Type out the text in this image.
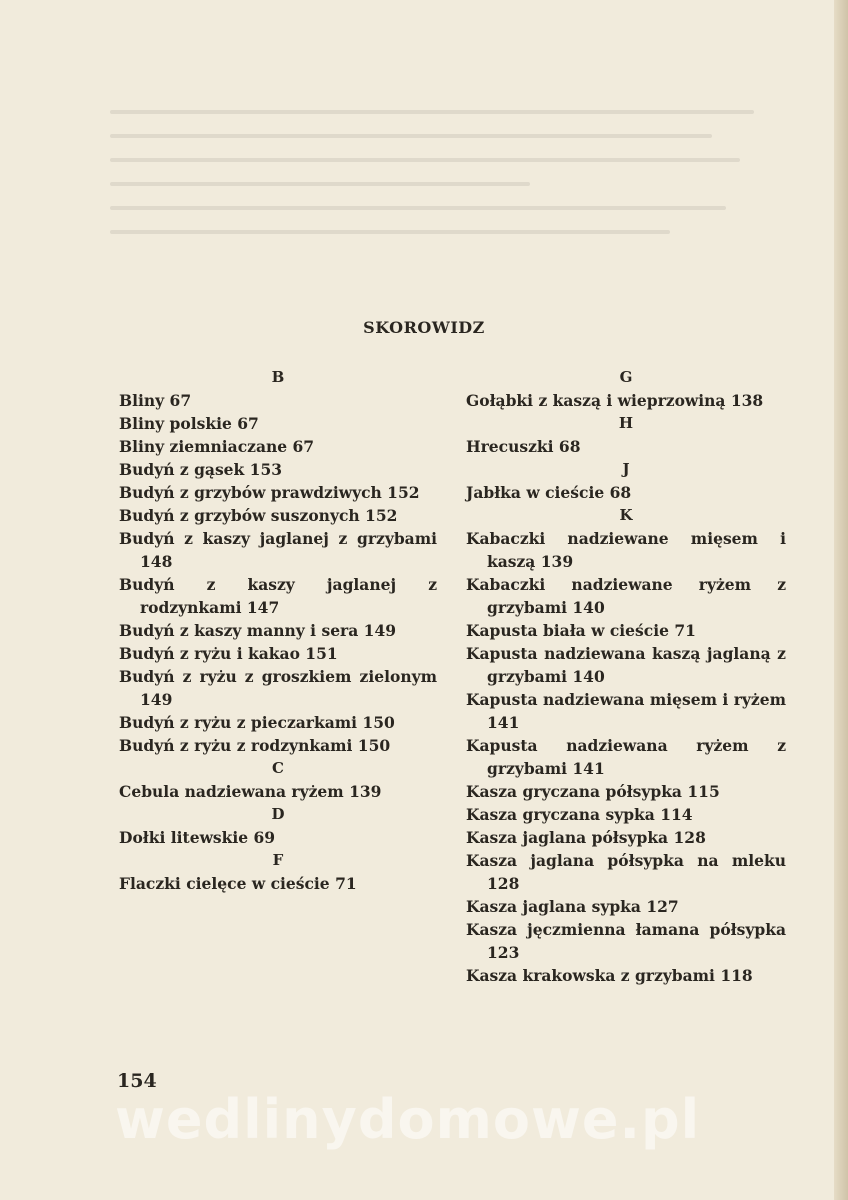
SKOROWIDZ
B
Bliny 67
Bliny polskie 67
Bliny ziemniaczane 67
Budyń z gąsek 153
Budyń z grzybów prawdziwych 152
Budyń z grzybów suszonych 152
Budyń z kaszy jaglanej z grzybami 148
Budyń z kaszy jaglanej z rodzynkami 147
Budyń z kaszy manny i sera 149
Budyń z ryżu i kakao 151
Budyń z ryżu z groszkiem zielonym 149
Budyń z ryżu z pieczarkami 150
Budyń z ryżu z rodzynkami 150
C
Cebula nadziewana ryżem 139
D
Dołki litewskie 69
F
Flaczki cielęce w cieście 71
G
Gołąbki z kaszą i wieprzowiną 138
H
Hrecuszki 68
J
Jabłka w cieście 68
K
Kabaczki nadziewane mięsem i kaszą 139
Kabaczki nadziewane ryżem z grzybami 140
Kapusta biała w cieście 71
Kapusta nadziewana kaszą jaglaną z grzybami 140
Kapusta nadziewana mięsem i ryżem 141
Kapusta nadziewana ryżem z grzybami 141
Kasza gryczana półsypka 115
Kasza gryczana sypka 114
Kasza jaglana półsypka 128
Kasza jaglana półsypka na mleku 128
Kasza jaglana sypka 127
Kasza jęczmienna łamana półsypka 123
Kasza krakowska z grzybami 118
154
wedlinydomowe.pl
